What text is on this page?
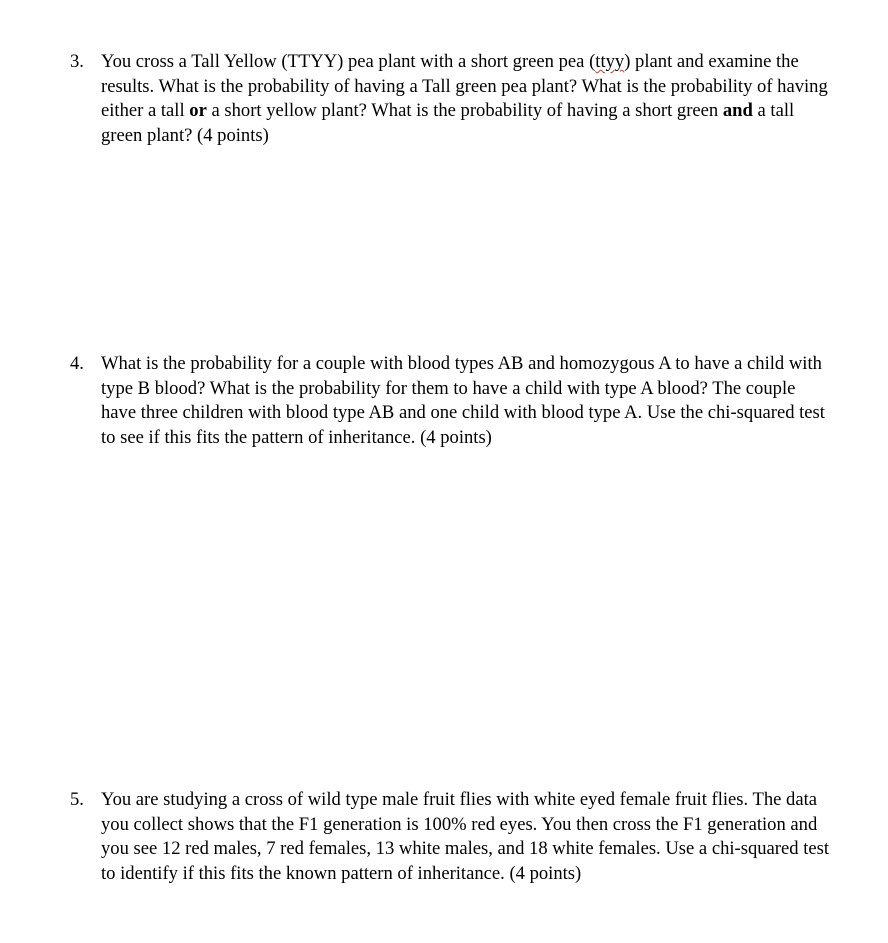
3. You cross a Tall Yellow (TTYY) pea plant with a short green pea (ttyy) plant and examine the results. What is the probability of having a Tall green pea plant? What is the probability of having either a tall or a short yellow plant? What is the probability of having a short green and a tall green plant? (4 points)
4. What is the probability for a couple with blood types AB and homozygous A to have a child with type B blood? What is the probability for them to have a child with type A blood? The couple have three children with blood type AB and one child with blood type A. Use the chi-squared test to see if this fits the pattern of inheritance. (4 points)
5. You are studying a cross of wild type male fruit flies with white eyed female fruit flies. The data you collect shows that the F1 generation is 100% red eyes. You then cross the F1 generation and you see 12 red males, 7 red females, 13 white males, and 18 white females. Use a chi-squared test to identify if this fits the known pattern of inheritance. (4 points)
